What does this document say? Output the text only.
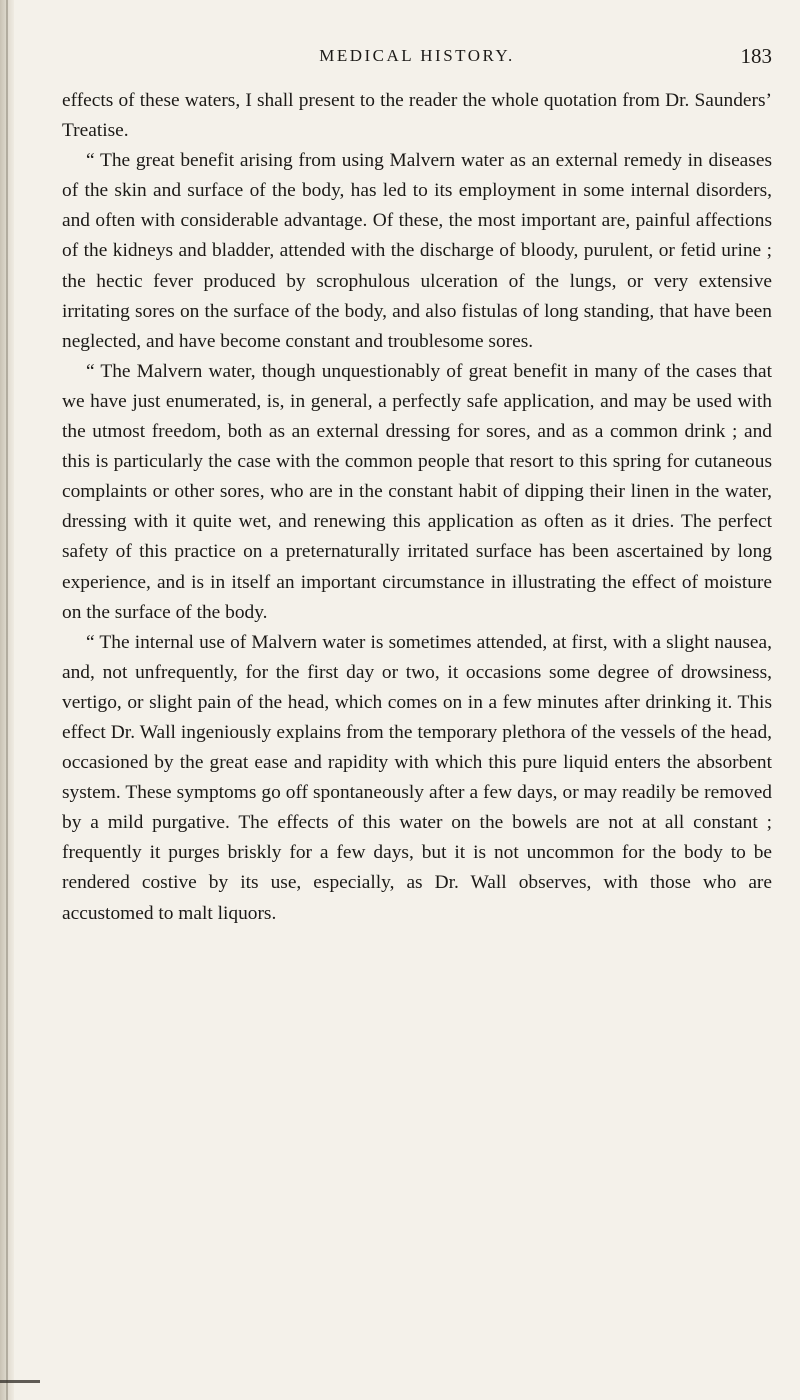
MEDICAL HISTORY.	183

effects of these waters, I shall present to the reader the whole quotation from Dr. Saunders’ Treatise.

“ The great benefit arising from using Malvern water as an external remedy in diseases of the skin and surface of the body, has led to its employment in some internal disorders, and often with considerable advantage. Of these, the most important are, painful affections of the kidneys and bladder, attended with the discharge of bloody, purulent, or fetid urine ; the hectic fever produced by scrophulous ulceration of the lungs, or very extensive irritating sores on the surface of the body, and also fistulas of long standing, that have been neglected, and have become constant and troublesome sores.

“ The Malvern water, though unquestionably of great benefit in many of the cases that we have just enumerated, is, in general, a perfectly safe application, and may be used with the utmost freedom, both as an external dressing for sores, and as a common drink ; and this is particularly the case with the common people that resort to this spring for cutaneous complaints or other sores, who are in the constant habit of dipping their linen in the water, dressing with it quite wet, and renewing this application as often as it dries. The perfect safety of this practice on a preternaturally irritated surface has been ascertained by long experience, and is in itself an important circumstance in illustrating the effect of moisture on the surface of the body.

“ The internal use of Malvern water is sometimes attended, at first, with a slight nausea, and, not unfrequently, for the first day or two, it occasions some degree of drowsiness, vertigo, or slight pain of the head, which comes on in a few minutes after drinking it. This effect Dr. Wall ingeniously explains from the temporary plethora of the vessels of the head, occasioned by the great ease and rapidity with which this pure liquid enters the absorbent system. These symptoms go off spontaneously after a few days, or may readily be removed by a mild purgative. The effects of this water on the bowels are not at all constant ; frequently it purges briskly for a few days, but it is not uncommon for the body to be rendered costive by its use, especially, as Dr. Wall observes, with those who are accustomed to malt liquors.
